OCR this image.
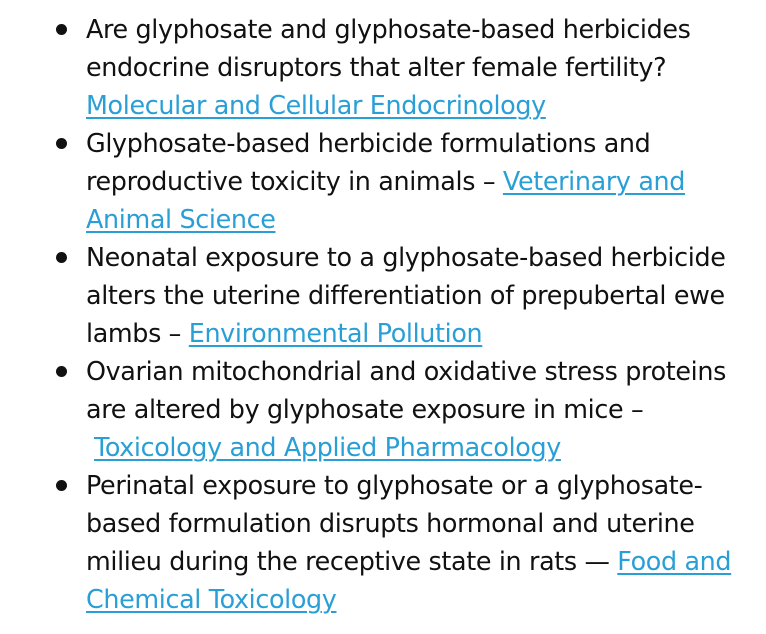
Are glyphosate and glyphosate-based herbicides endocrine disruptors that alter female fertility? Molecular and Cellular Endocrinology
Glyphosate-based herbicide formulations and reproductive toxicity in animals – Veterinary and Animal Science
Neonatal exposure to a glyphosate-based herbicide alters the uterine differentiation of prepubertal ewe lambs – Environmental Pollution
Ovarian mitochondrial and oxidative stress proteins are altered by glyphosate exposure in mice – Toxicology and Applied Pharmacology
Perinatal exposure to glyphosate or a glyphosate-based formulation disrupts hormonal and uterine milieu during the receptive state in rats — Food and Chemical Toxicology
